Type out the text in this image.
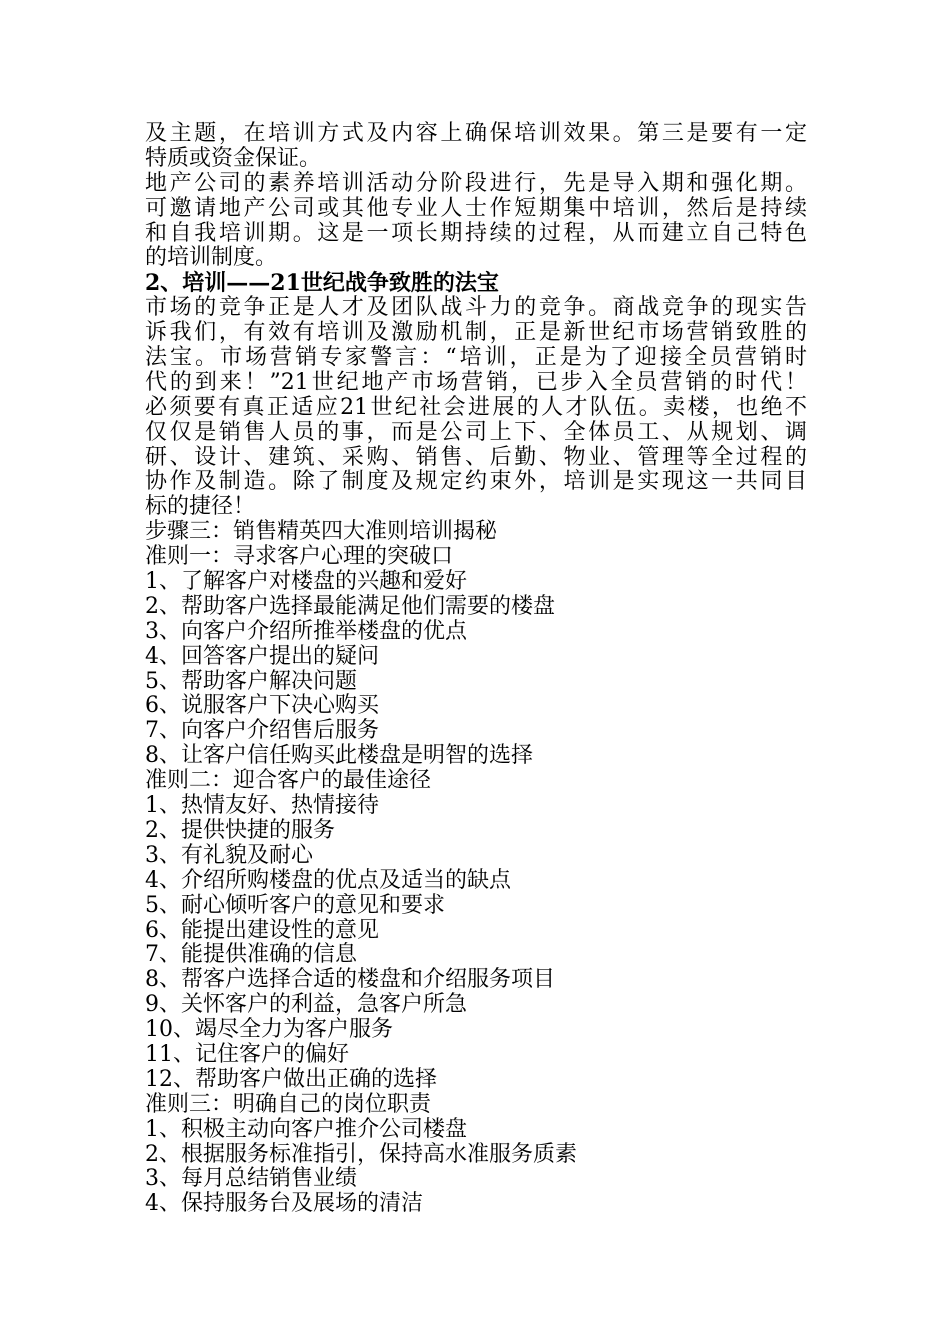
及主题，在培训方式及内容上确保培训效果。第三是要有一定
特质或资金保证。
地产公司的素养培训活动分阶段进行，先是导入期和强化期。
可邀请地产公司或其他专业人士作短期集中培训，然后是持续
和自我培训期。这是一项长期持续的过程，从而建立自己特色
的培训制度。
2、培训——21世纪战争致胜的法宝
市场的竞争正是人才及团队战斗力的竞争。商战竞争的现实告
诉我们，有效有培训及激励机制，正是新世纪市场营销致胜的
法宝。市场营销专家警言：“培训，正是为了迎接全员营销时
代的到来！”21世纪地产市场营销，已步入全员营销的时代！
必须要有真正适应21世纪社会进展的人才队伍。卖楼，也绝不
仅仅是销售人员的事，而是公司上下、全体员工、从规划、调
研、设计、建筑、采购、销售、后勤、物业、管理等全过程的
协作及制造。除了制度及规定约束外，培训是实现这一共同目
标的捷径！
步骤三：销售精英四大准则培训揭秘
准则一：寻求客户心理的突破口
1、了解客户对楼盘的兴趣和爱好
2、帮助客户选择最能满足他们需要的楼盘
3、向客户介绍所推举楼盘的优点
4、回答客户提出的疑问
5、帮助客户解决问题
6、说服客户下决心购买
7、向客户介绍售后服务
8、让客户信任购买此楼盘是明智的选择
准则二：迎合客户的最佳途径
1、热情友好、热情接待
2、提供快捷的服务
3、有礼貌及耐心
4、介绍所购楼盘的优点及适当的缺点
5、耐心倾听客户的意见和要求
6、能提出建设性的意见
7、能提供准确的信息
8、帮客户选择合适的楼盘和介绍服务项目
9、关怀客户的利益，急客户所急
10、竭尽全力为客户服务
11、记住客户的偏好
12、帮助客户做出正确的选择
准则三：明确自己的岗位职责
1、积极主动向客户推介公司楼盘
2、根据服务标准指引，保持高水准服务质素
3、每月总结销售业绩
4、保持服务台及展场的清洁
